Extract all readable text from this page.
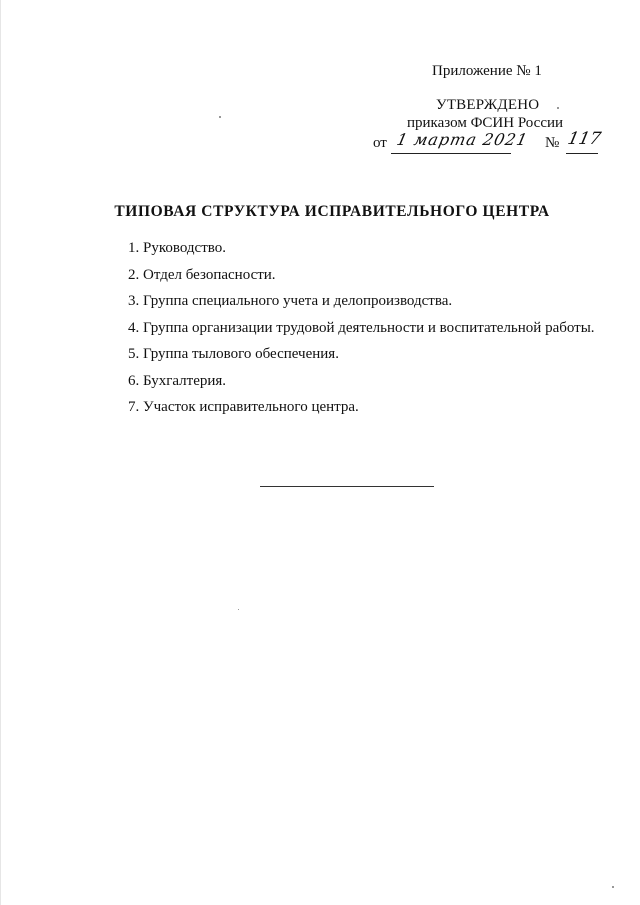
Приложение № 1
УТВЕРЖДЕНО
приказом ФСИН России
от 1 марта 2021 № 117
ТИПОВАЯ СТРУКТУРА ИСПРАВИТЕЛЬНОГО ЦЕНТРА
1. Руководство.
2. Отдел безопасности.
3. Группа специального учета и делопроизводства.
4. Группа организации трудовой деятельности и воспитательной работы.
5. Группа тылового обеспечения.
6. Бухгалтерия.
7. Участок исправительного центра.
